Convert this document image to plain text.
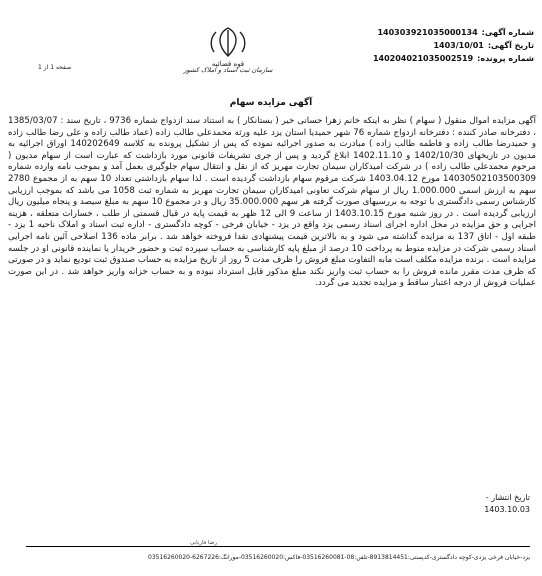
شماره آگهی:
140303921035000134
تاریخ آگهی:
1403/10/01
شماره پرونده:
140204021035002519
قوه قضائیه
سازمان ثبت اسناد و املاک کشور
صفحه 1 از 1
آگهی مزایده سهام

آگهی مزایده اموال منقول ( سهام ) نظر به اینکه خانم زهرا حسانی خیر ( بستانکار ) به استناد سند ازدواج شماره 9736 ، تاریخ سند : 1385/03/07 ، دفترخانه صادر کننده : دفترخانه ازدواج شماره 76 شهر حمیدیا استان یزد علیه ورثه محمدعلی طالب زاده (عماد طالب زاده و علی رضا طالب زاده و حمیدرضا طالب زاده و فاطمه طالب زاده ) مبادرت به صدور اجرائیه نموده که پس از تشکیل پرونده به کلاسه 140202649 اوراق اجرائیه به مدیون در تاریخهای 1402/10/30 و 1402.11.10 ابلاغ گردید و پس از جری تشریفات قانونی مورد بازداشت که عبارت است از سهام مدیون ( مرحوم محمدعلی طالب زاده ) در شرکت امیدکاران سیمان تجارت مهریز که از نقل و انتقال سهام جلوگیری بعمل آمد و بموجب نامه وارده شماره 14030502103500309 مورخ 1403.04.12 شرکت مرقوم سهام بازداشت گردیده است . لذا سهام بازداشتی تعداد 10 سهم به از مجموع 2780 سهم به ارزش اسمی 1.000.000 ریال از سهام شرکت تعاونی امیدکاران سیمان تجارت مهریز به شماره ثبت 1058 می باشد که بموجب ارزیابی کارشناس رسمی دادگستری با توجه به بررسیهای صورت گرفته هر سهم 35.000.000 ریال و در مجموع 10 سهم به مبلغ سیصد و پنجاه میلیون ریال ارزیابی گردیده است . در روز شنبه مورخ 1403.10.15 از ساعت 9 الی 12 ظهر به قیمت پایه در قبال قسمتی از طلب ، خسارات متعلقه ، هزینه اجرایی و حق مزایده در محل اداره اجرای اسناد رسمی یزد واقع در یزد - خیابان فرخی - کوچه دادگستری - اداره ثبت اسناد و املاک ناحیه 1 یزد - طبقه اول - اتاق 137 به مزایده گذاشته می شود و به بالاترین قیمت پیشنهادی نقدا فروخته خواهد شد . برابر ماده 136 اصلاحی آئین نامه اجرایی اسناد رسمی شرکت در مزایده منوط به پرداخت 10 درصد از مبلغ پایه کارشناسی به حساب سپرده ثبت و حضور خریدار یا نماینده قانونی او در جلسه مزایده است . برنده مزایده مکلف است مابه التفاوت مبلغ فروش را ظرف مدت 5 روز از تاریخ مزایده به حساب صندوق ثبت تودیع نماید و در صورتی که ظرف مدت مقرر مانده فروش را به حساب ثبت واریز نکند مبلغ مذکور قابل استرداد نبوده و به حساب خزانه واریز خواهد شد . در این صورت عملیات فروش از درجه اعتبار ساقط و مزایده تجدید می گردد.

تاریخ انتشار -
1403.10.03
رضا فاریابی
یزد-خیابان فرخی یزدی-کوچه دادگستری-کدپستی:8913814451-تلفن:08-03516260081-فاکس:03516260020-مورانگ:6267226-03516260020
